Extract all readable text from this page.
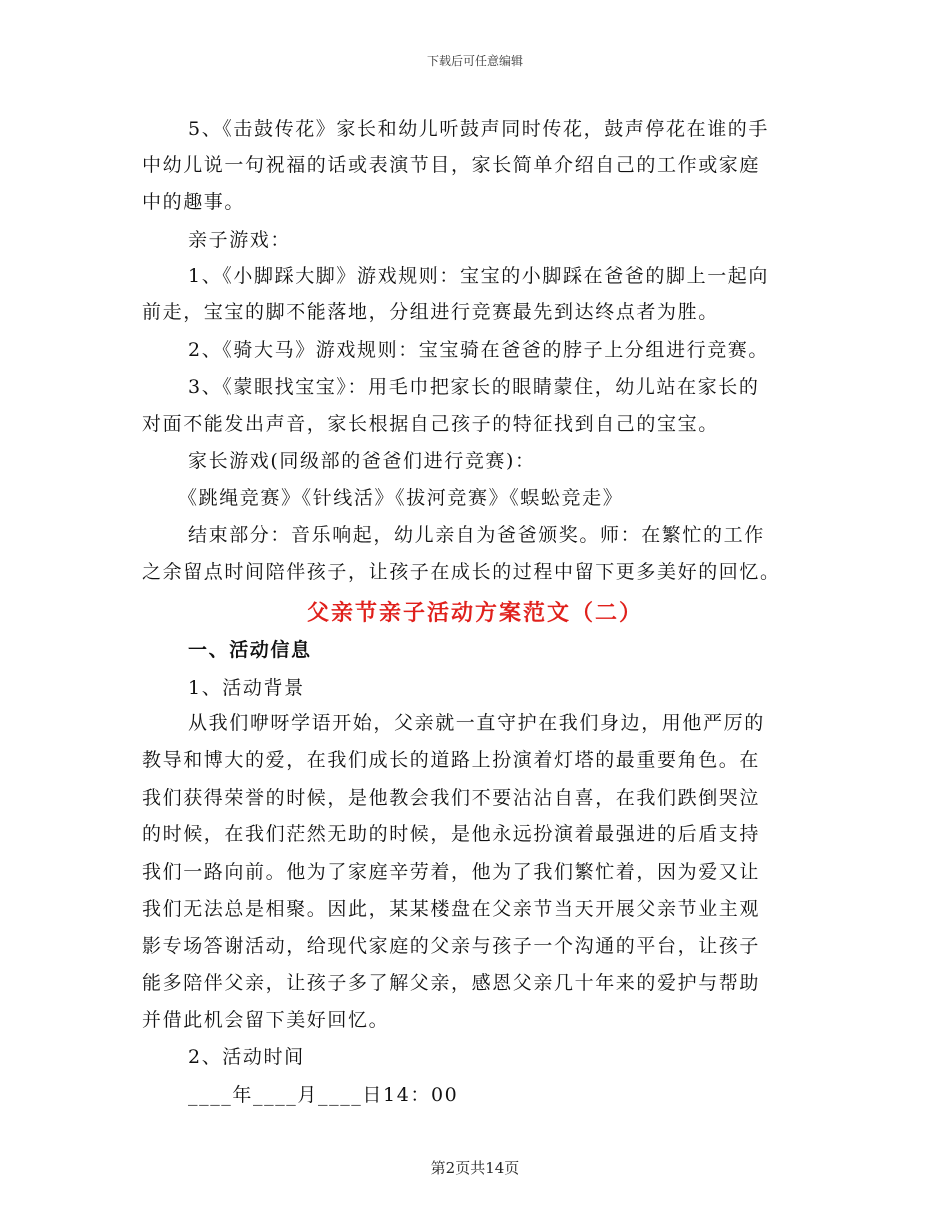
下载后可任意编辑
5、《击鼓传花》家长和幼儿听鼓声同时传花，鼓声停花在谁的手
中幼儿说一句祝福的话或表演节目，家长简单介绍自己的工作或家庭
中的趣事。
亲子游戏：
1、《小脚踩大脚》游戏规则：宝宝的小脚踩在爸爸的脚上一起向
前走，宝宝的脚不能落地，分组进行竞赛最先到达终点者为胜。
2、《骑大马》游戏规则：宝宝骑在爸爸的脖子上分组进行竞赛。
3、《蒙眼找宝宝》：用毛巾把家长的眼睛蒙住，幼儿站在家长的
对面不能发出声音，家长根据自己孩子的特征找到自己的宝宝。
家长游戏(同级部的爸爸们进行竞赛)：
《跳绳竞赛》《针线活》《拔河竞赛》《蜈蚣竞走》
结束部分：音乐响起，幼儿亲自为爸爸颁奖。师：在繁忙的工作
之余留点时间陪伴孩子，让孩子在成长的过程中留下更多美好的回忆。
父亲节亲子活动方案范文（二）
一、活动信息
1、活动背景
从我们咿呀学语开始，父亲就一直守护在我们身边，用他严厉的
教导和博大的爱，在我们成长的道路上扮演着灯塔的最重要角色。在
我们获得荣誉的时候，是他教会我们不要沾沾自喜，在我们跌倒哭泣
的时候，在我们茫然无助的时候，是他永远扮演着最强进的后盾支持
我们一路向前。他为了家庭辛劳着，他为了我们繁忙着，因为爱又让
我们无法总是相聚。因此，某某楼盘在父亲节当天开展父亲节业主观
影专场答谢活动，给现代家庭的父亲与孩子一个沟通的平台，让孩子
能多陪伴父亲，让孩子多了解父亲，感恩父亲几十年来的爱护与帮助
并借此机会留下美好回忆。
2、活动时间
____年____月____日14：00
第2页共14页
